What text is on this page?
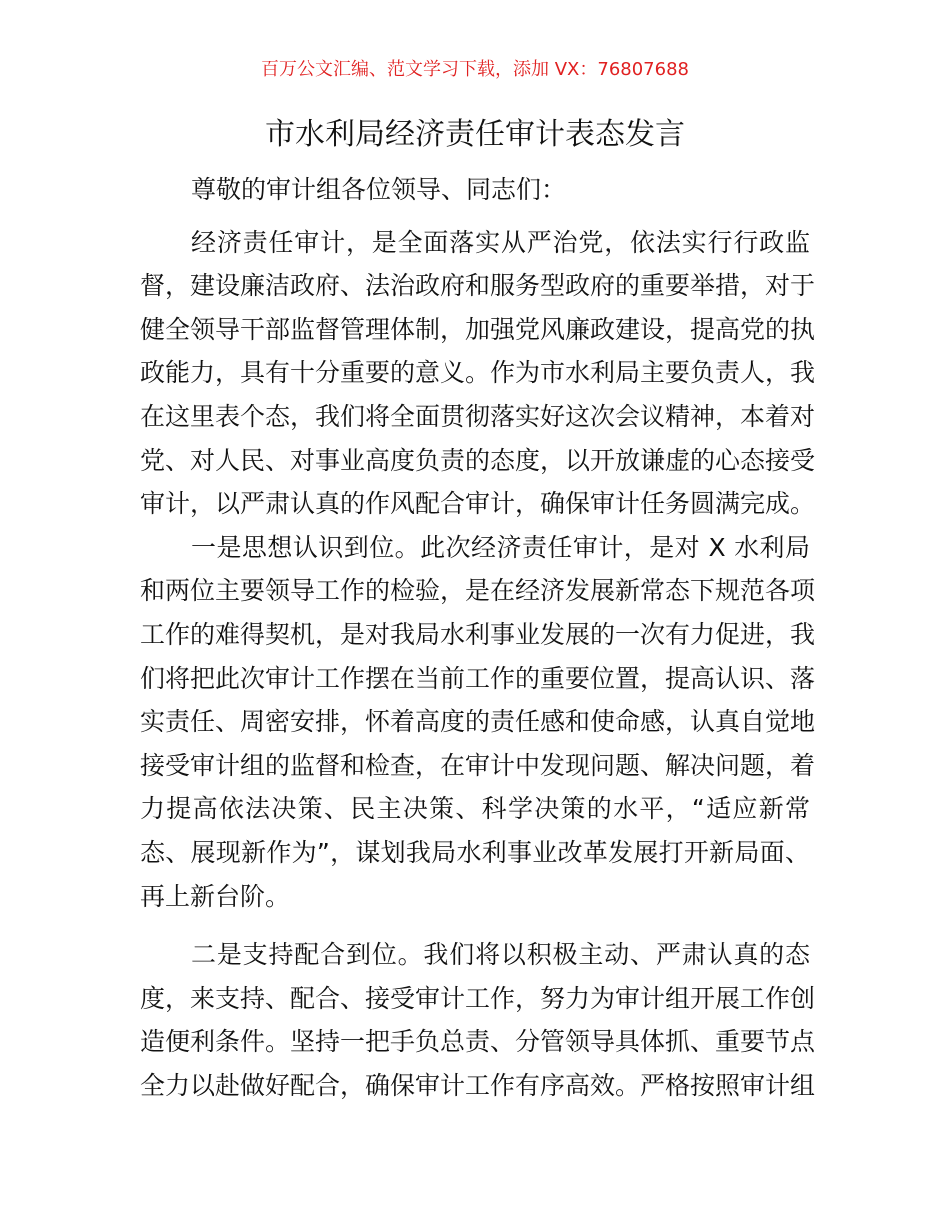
百万公文汇编、范文学习下载，添加 VX：76807688
市水利局经济责任审计表态发言
尊敬的审计组各位领导、同志们：
经济责任审计，是全面落实从严治党，依法实行行政监
督，建设廉洁政府、法治政府和服务型政府的重要举措，对于
健全领导干部监督管理体制，加强党风廉政建设，提高党的执
政能力，具有十分重要的意义。作为市水利局主要负责人，我
在这里表个态，我们将全面贯彻落实好这次会议精神，本着对
党、对人民、对事业高度负责的态度，以开放谦虚的心态接受
审计，以严肃认真的作风配合审计，确保审计任务圆满完成。
一是思想认识到位。此次经济责任审计，是对 X 水利局
和两位主要领导工作的检验，是在经济发展新常态下规范各项
工作的难得契机，是对我局水利事业发展的一次有力促进，我
们将把此次审计工作摆在当前工作的重要位置，提高认识、落
实责任、周密安排，怀着高度的责任感和使命感，认真自觉地
接受审计组的监督和检查，在审计中发现问题、解决问题，着
力提高依法决策、民主决策、科学决策的水平，“适应新常
态、展现新作为”，谋划我局水利事业改革发展打开新局面、
再上新台阶。
二是支持配合到位。我们将以积极主动、严肃认真的态
度，来支持、配合、接受审计工作，努力为审计组开展工作创
造便利条件。坚持一把手负总责、分管领导具体抓、重要节点
全力以赴做好配合，确保审计工作有序高效。严格按照审计组
